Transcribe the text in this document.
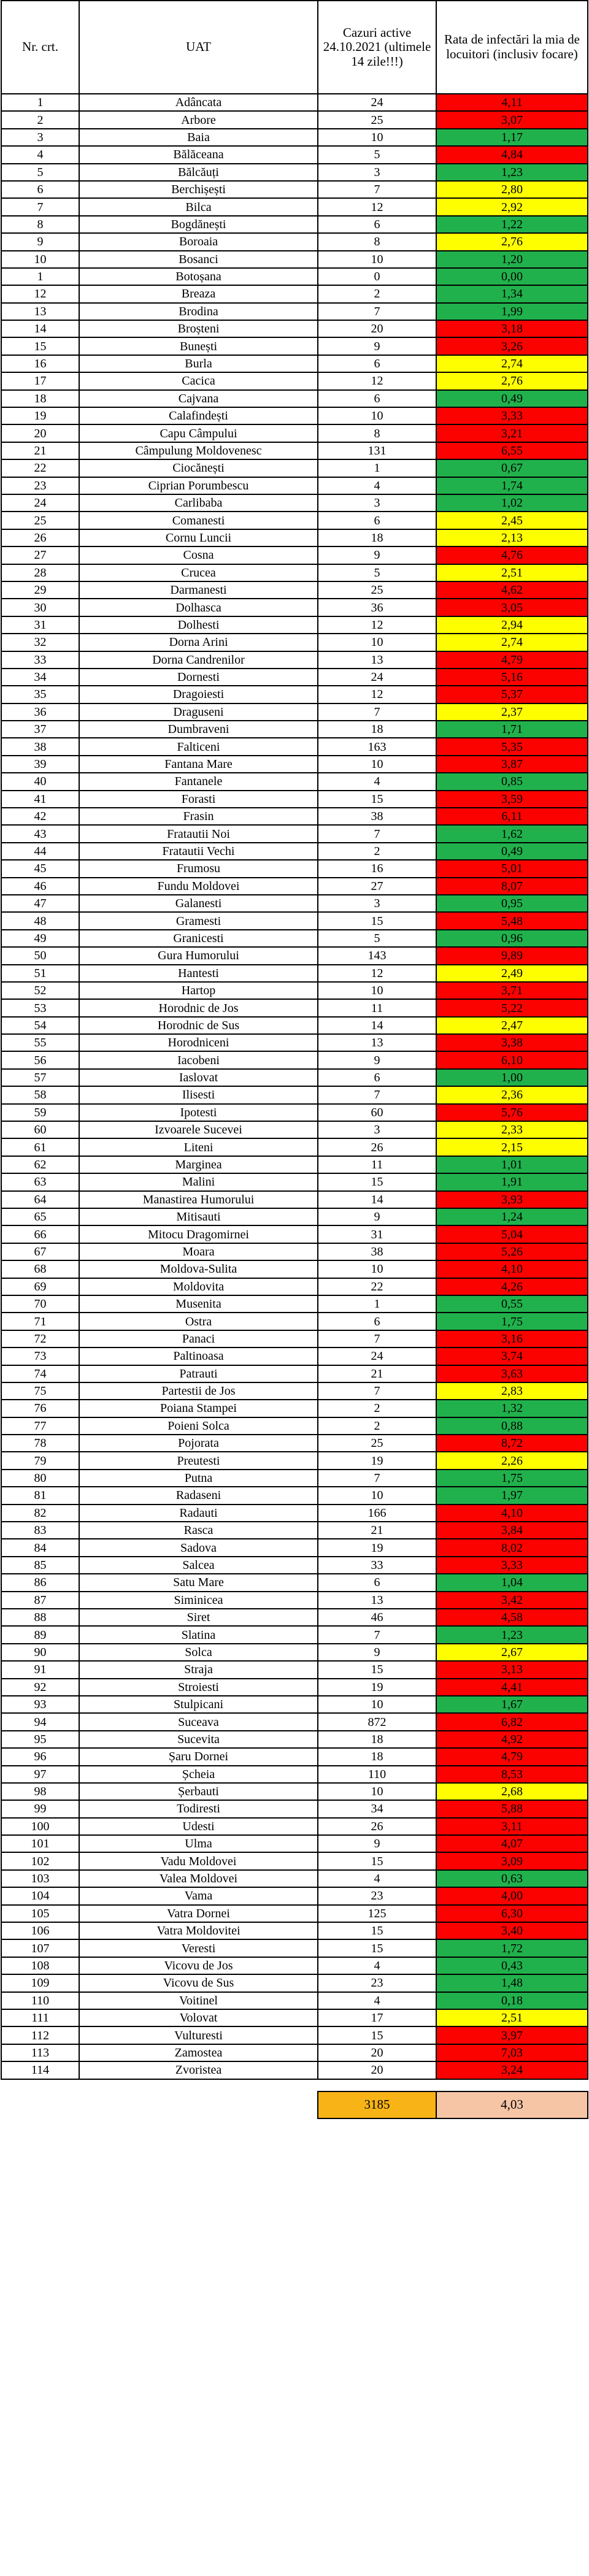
Nr. crt.	UAT	Cazuri active 24.10.2021 (ultimele 14 zile!!!)	Rata de infectări la mia de locuitori (inclusiv focare)
1	Adâncata	24	4,11
2	Arbore	25	3,07
3	Baia	10	1,17
4	Bălăceana	5	4,84
5	Bălcăuți	3	1,23
6	Berchișești	7	2,80
7	Bilca	12	2,92
8	Bogdănești	6	1,22
9	Boroaia	8	2,76
10	Bosanci	10	1,20
1	Botoșana	0	0,00
12	Breaza	2	1,34
13	Brodina	7	1,99
14	Broșteni	20	3,18
15	Bunești	9	3,26
16	Burla	6	2,74
17	Cacica	12	2,76
18	Cajvana	6	0,49
19	Calafindești	10	3,33
20	Capu Câmpului	8	3,21
21	Câmpulung Moldovenesc	131	6,55
22	Ciocănești	1	0,67
23	Ciprian Porumbescu	4	1,74
24	Carlibaba	3	1,02
25	Comanesti	6	2,45
26	Cornu Luncii	18	2,13
27	Cosna	9	4,76
28	Crucea	5	2,51
29	Darmanesti	25	4,62
30	Dolhasca	36	3,05
31	Dolhesti	12	2,94
32	Dorna Arini	10	2,74
33	Dorna Candrenilor	13	4,79
34	Dornesti	24	5,16
35	Dragoiesti	12	5,37
36	Draguseni	7	2,37
37	Dumbraveni	18	1,71
38	Falticeni	163	5,35
39	Fantana Mare	10	3,87
40	Fantanele	4	0,85
41	Forasti	15	3,59
42	Frasin	38	6,11
43	Fratautii Noi	7	1,62
44	Fratautii Vechi	2	0,49
45	Frumosu	16	5,01
46	Fundu Moldovei	27	8,07
47	Galanesti	3	0,95
48	Gramesti	15	5,48
49	Granicesti	5	0,96
50	Gura Humorului	143	9,89
51	Hantesti	12	2,49
52	Hartop	10	3,71
53	Horodnic de Jos	11	5,22
54	Horodnic de Sus	14	2,47
55	Horodniceni	13	3,38
56	Iacobeni	9	6,10
57	Iaslovat	6	1,00
58	Ilisesti	7	2,36
59	Ipotesti	60	5,76
60	Izvoarele Sucevei	3	2,33
61	Liteni	26	2,15
62	Marginea	11	1,01
63	Malini	15	1,91
64	Manastirea Humorului	14	3,93
65	Mitisauti	9	1,24
66	Mitocu Dragomirnei	31	5,04
67	Moara	38	5,26
68	Moldova-Sulita	10	4,10
69	Moldovita	22	4,26
70	Musenita	1	0,55
71	Ostra	6	1,75
72	Panaci	7	3,16
73	Paltinoasa	24	3,74
74	Patrauti	21	3,63
75	Partestii de Jos	7	2,83
76	Poiana Stampei	2	1,32
77	Poieni Solca	2	0,88
78	Pojorata	25	8,72
79	Preutesti	19	2,26
80	Putna	7	1,75
81	Radaseni	10	1,97
82	Radauti	166	4,10
83	Rasca	21	3,84
84	Sadova	19	8,02
85	Salcea	33	3,33
86	Satu Mare	6	1,04
87	Siminicea	13	3,42
88	Siret	46	4,58
89	Slatina	7	1,23
90	Solca	9	2,67
91	Straja	15	3,13
92	Stroiesti	19	4,41
93	Stulpicani	10	1,67
94	Suceava	872	6,82
95	Sucevita	18	4,92
96	Șaru Dornei	18	4,79
97	Șcheia	110	8,53
98	Șerbauti	10	2,68
99	Todiresti	34	5,88
100	Udesti	26	3,11
101	Ulma	9	4,07
102	Vadu Moldovei	15	3,09
103	Valea Moldovei	4	0,63
104	Vama	23	4,00
105	Vatra Dornei	125	6,30
106	Vatra Moldovitei	15	3,40
107	Veresti	15	1,72
108	Vicovu de Jos	4	0,43
109	Vicovu de Sus	23	1,48
110	Voitinel	4	0,18
111	Volovat	17	2,51
112	Vulturesti	15	3,97
113	Zamostea	20	7,03
114	Zvoristea	20	3,24

		3185	4,03
